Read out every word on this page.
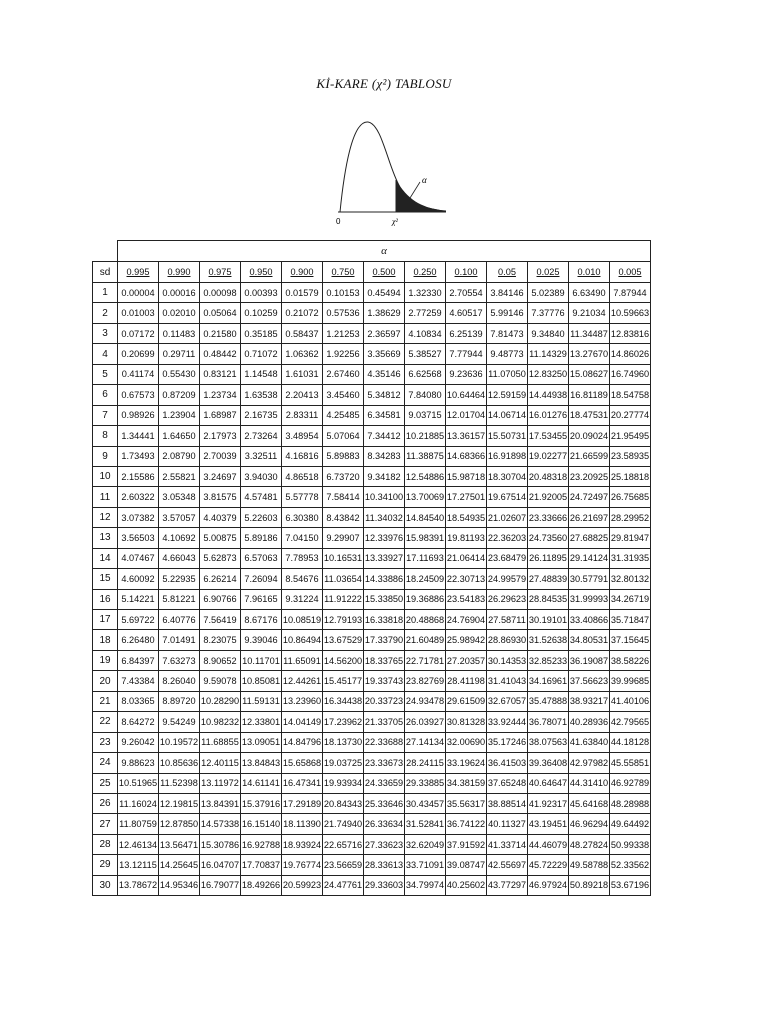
Kİ-KARE (χ²) TABLOSU
α
0	χ²
	α												
sd	0.995	0.990	0.975	0.950	0.900	0.750	0.500	0.250	0.100	0.05	0.025	0.010	0.005
1	0.00004	0.00016	0.00098	0.00393	0.01579	0.10153	0.45494	1.32330	2.70554	3.84146	5.02389	6.63490	7.87944
2	0.01003	0.02010	0.05064	0.10259	0.21072	0.57536	1.38629	2.77259	4.60517	5.99146	7.37776	9.21034	10.59663
3	0.07172	0.11483	0.21580	0.35185	0.58437	1.21253	2.36597	4.10834	6.25139	7.81473	9.34840	11.34487	12.83816
4	0.20699	0.29711	0.48442	0.71072	1.06362	1.92256	3.35669	5.38527	7.77944	9.48773	11.14329	13.27670	14.86026
5	0.41174	0.55430	0.83121	1.14548	1.61031	2.67460	4.35146	6.62568	9.23636	11.07050	12.83250	15.08627	16.74960
6	0.67573	0.87209	1.23734	1.63538	2.20413	3.45460	5.34812	7.84080	10.64464	12.59159	14.44938	16.81189	18.54758
7	0.98926	1.23904	1.68987	2.16735	2.83311	4.25485	6.34581	9.03715	12.01704	14.06714	16.01276	18.47531	20.27774
8	1.34441	1.64650	2.17973	2.73264	3.48954	5.07064	7.34412	10.21885	13.36157	15.50731	17.53455	20.09024	21.95495
9	1.73493	2.08790	2.70039	3.32511	4.16816	5.89883	8.34283	11.38875	14.68366	16.91898	19.02277	21.66599	23.58935
10	2.15586	2.55821	3.24697	3.94030	4.86518	6.73720	9.34182	12.54886	15.98718	18.30704	20.48318	23.20925	25.18818
11	2.60322	3.05348	3.81575	4.57481	5.57778	7.58414	10.34100	13.70069	17.27501	19.67514	21.92005	24.72497	26.75685
12	3.07382	3.57057	4.40379	5.22603	6.30380	8.43842	11.34032	14.84540	18.54935	21.02607	23.33666	26.21697	28.29952
13	3.56503	4.10692	5.00875	5.89186	7.04150	9.29907	12.33976	15.98391	19.81193	22.36203	24.73560	27.68825	29.81947
14	4.07467	4.66043	5.62873	6.57063	7.78953	10.16531	13.33927	17.11693	21.06414	23.68479	26.11895	29.14124	31.31935
15	4.60092	5.22935	6.26214	7.26094	8.54676	11.03654	14.33886	18.24509	22.30713	24.99579	27.48839	30.57791	32.80132
16	5.14221	5.81221	6.90766	7.96165	9.31224	11.91222	15.33850	19.36886	23.54183	26.29623	28.84535	31.99993	34.26719
17	5.69722	6.40776	7.56419	8.67176	10.08519	12.79193	16.33818	20.48868	24.76904	27.58711	30.19101	33.40866	35.71847
18	6.26480	7.01491	8.23075	9.39046	10.86494	13.67529	17.33790	21.60489	25.98942	28.86930	31.52638	34.80531	37.15645
19	6.84397	7.63273	8.90652	10.11701	11.65091	14.56200	18.33765	22.71781	27.20357	30.14353	32.85233	36.19087	38.58226
20	7.43384	8.26040	9.59078	10.85081	12.44261	15.45177	19.33743	23.82769	28.41198	31.41043	34.16961	37.56623	39.99685
21	8.03365	8.89720	10.28290	11.59131	13.23960	16.34438	20.33723	24.93478	29.61509	32.67057	35.47888	38.93217	41.40106
22	8.64272	9.54249	10.98232	12.33801	14.04149	17.23962	21.33705	26.03927	30.81328	33.92444	36.78071	40.28936	42.79565
23	9.26042	10.19572	11.68855	13.09051	14.84796	18.13730	22.33688	27.14134	32.00690	35.17246	38.07563	41.63840	44.18128
24	9.88623	10.85636	12.40115	13.84843	15.65868	19.03725	23.33673	28.24115	33.19624	36.41503	39.36408	42.97982	45.55851
25	10.51965	11.52398	13.11972	14.61141	16.47341	19.93934	24.33659	29.33885	34.38159	37.65248	40.64647	44.31410	46.92789
26	11.16024	12.19815	13.84391	15.37916	17.29189	20.84343	25.33646	30.43457	35.56317	38.88514	41.92317	45.64168	48.28988
27	11.80759	12.87850	14.57338	16.15140	18.11390	21.74940	26.33634	31.52841	36.74122	40.11327	43.19451	46.96294	49.64492
28	12.46134	13.56471	15.30786	16.92788	18.93924	22.65716	27.33623	32.62049	37.91592	41.33714	44.46079	48.27824	50.99338
29	13.12115	14.25645	16.04707	17.70837	19.76774	23.56659	28.33613	33.71091	39.08747	42.55697	45.72229	49.58788	52.33562
30	13.78672	14.95346	16.79077	18.49266	20.59923	24.47761	29.33603	34.79974	40.25602	43.77297	46.97924	50.89218	53.67196
